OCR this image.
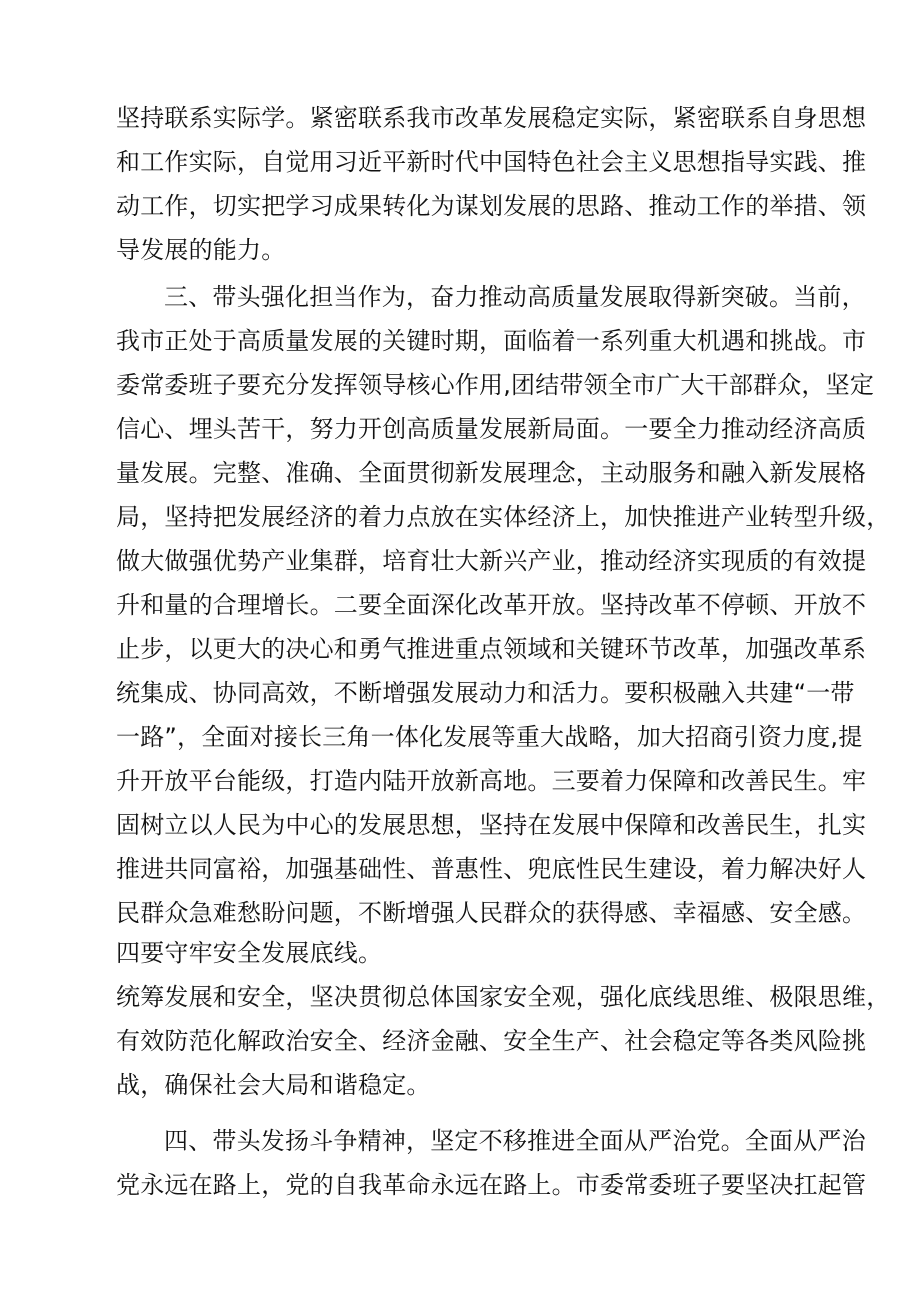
坚持联系实际学。紧密联系我市改革发展稳定实际，紧密联系自身思想
和工作实际，自觉用习近平新时代中国特色社会主义思想指导实践、推
动工作，切实把学习成果转化为谋划发展的思路、推动工作的举措、领
导发展的能力。
三、带头强化担当作为，奋力推动高质量发展取得新突破。当前，
我市正处于高质量发展的关键时期，面临着一系列重大机遇和挑战。市
委常委班子要充分发挥领导核心作用,团结带领全市广大干部群众，坚定
信心、埋头苦干，努力开创高质量发展新局面。一要全力推动经济高质
量发展。完整、准确、全面贯彻新发展理念，主动服务和融入新发展格
局，坚持把发展经济的着力点放在实体经济上，加快推进产业转型升级，
做大做强优势产业集群，培育壮大新兴产业，推动经济实现质的有效提
升和量的合理增长。二要全面深化改革开放。坚持改革不停顿、开放不
止步，以更大的决心和勇气推进重点领域和关键环节改革，加强改革系
统集成、协同高效，不断增强发展动力和活力。要积极融入共建“一带
一路”，全面对接长三角一体化发展等重大战略，加大招商引资力度,提
升开放平台能级，打造内陆开放新高地。三要着力保障和改善民生。牢
固树立以人民为中心的发展思想，坚持在发展中保障和改善民生，扎实
推进共同富裕，加强基础性、普惠性、兜底性民生建设，着力解决好人
民群众急难愁盼问题，不断增强人民群众的获得感、幸福感、安全感。
四要守牢安全发展底线。
统筹发展和安全，坚决贯彻总体国家安全观，强化底线思维、极限思维，
有效防范化解政治安全、经济金融、安全生产、社会稳定等各类风险挑
战，确保社会大局和谐稳定。
四、带头发扬斗争精神，坚定不移推进全面从严治党。全面从严治
党永远在路上，党的自我革命永远在路上。市委常委班子要坚决扛起管
